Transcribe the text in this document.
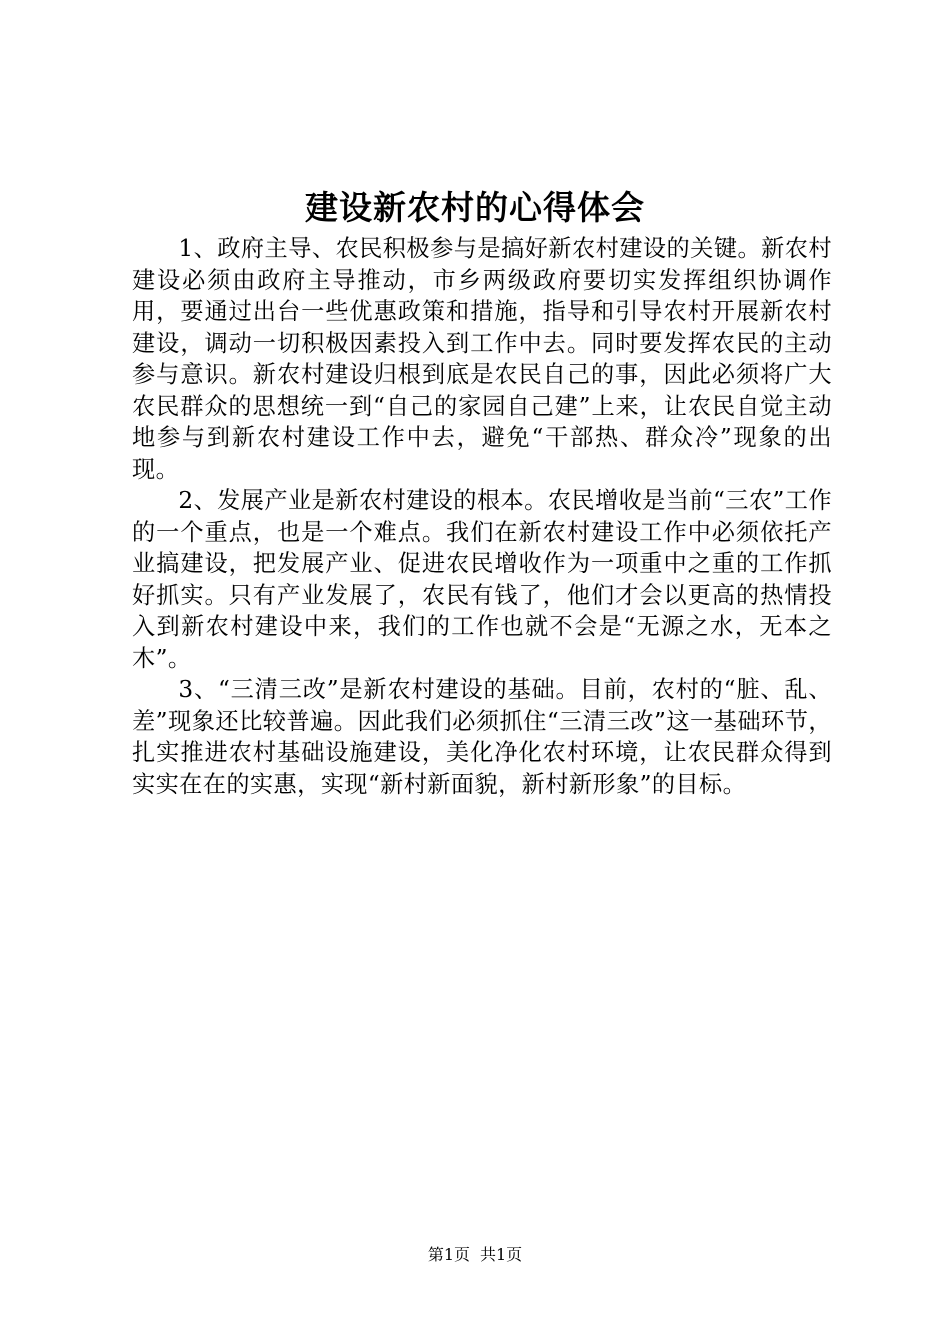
建设新农村的心得体会

1、政府主导、农民积极参与是搞好新农村建设的关键。新农村建设必须由政府主导推动，市乡两级政府要切实发挥组织协调作用，要通过出台一些优惠政策和措施，指导和引导农村开展新农村建设，调动一切积极因素投入到工作中去。同时要发挥农民的主动参与意识。新农村建设归根到底是农民自己的事，因此必须将广大农民群众的思想统一到“自己的家园自己建”上来，让农民自觉主动地参与到新农村建设工作中去，避免“干部热、群众冷”现象的出现。

2、发展产业是新农村建设的根本。农民增收是当前“三农”工作的一个重点，也是一个难点。我们在新农村建设工作中必须依托产业搞建设，把发展产业、促进农民增收作为一项重中之重的工作抓好抓实。只有产业发展了，农民有钱了，他们才会以更高的热情投入到新农村建设中来，我们的工作也就不会是“无源之水，无本之木”。

3、“三清三改”是新农村建设的基础。目前，农村的“脏、乱、差”现象还比较普遍。因此我们必须抓住“三清三改”这一基础环节，扎实推进农村基础设施建设，美化净化农村环境，让农民群众得到实实在在的实惠，实现“新村新面貌，新村新形象”的目标。

第1页 共1页
